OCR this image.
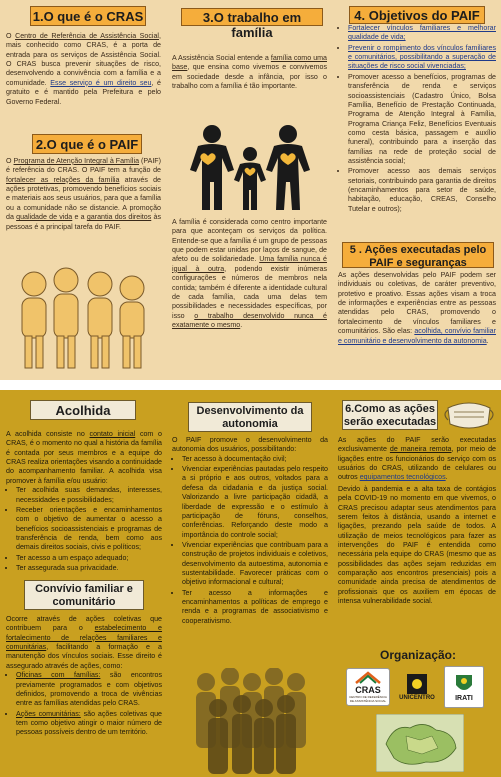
1.O que é o CRAS

O Centro de Referência de Assistência Social, mais conhecido como CRAS, é a porta de entrada para os serviços de Assistência Social. O CRAS busca prevenir situações de risco, desenvolvendo a convivência com a família e a comunidade. Esse serviço é um direito seu, é gratuito e é mantido pela Prefeitura e pelo Governo Federal.

2.O que é o PAIF

O Programa de Atenção Integral à Família (PAIF) é referência do CRAS. O PAIF tem a função de fortalecer as relações da família através de ações protetivas, promovendo benefícios sociais e materiais aos seus usuários, para que a família ou a comunidade não se distancie. A promoção da qualidade de vida e a garantia dos direitos às pessoas é a principal tarefa do PAIF.

3.O trabalho em família

A Assistência Social entende a família como uma base, que ensina como vivemos e convivemos em sociedade desde a infância, por isso o trabalho com a família é tão importante.

A família é considerada como centro importante para que aconteçam os serviços da política. Entende-se que a família é um grupo de pessoas que podem estar unidas por laços de sangue, de afeto ou de solidariedade. Uma família nunca é igual à outra, podendo existir inúmeras configurações e números de membros nela contida; também é diferente a identidade cultural de cada família, cada uma delas tem possibilidades e necessidades específicas, por isso o trabalho desenvolvido nunca é exatamente o mesmo.

4. Objetivos do PAIF
• Fortalecer vínculos familiares e melhorar qualidade de vida;
• Prevenir o rompimento dos vínculos familiares e comunitários, possibilitando a superação de situações de risco social vivenciadas;
• Promover acesso a benefícios, programas de transferência de renda e serviços socioassistenciais (Cadastro Único, Bolsa Família, Benefício de Prestação Continuada, Programa de Atenção Integral à Família, Programa Criança Feliz, Benefícios Eventuais como cesta básica, passagem e auxílio funeral), contribuindo para a inserção das famílias na rede de proteção social de assistência social;
• Promover acesso aos demais serviços setoriais, contribuindo para garantia de direitos (encaminhamentos para setor de saúde, habitação, educação, CREAS, Conselho Tutelar e outros);
5 . Ações executadas pelo PAIF e seguranças

As ações desenvolvidas pelo PAIF podem ser individuais ou coletivas, de caráter preventivo, protetivo e proativo. Essas ações visam a troca de informações e experiências entre as pessoas atendidas pelo CRAS, promovendo o fortalecimento de vínculos familiares e comunitários. São elas: acolhida, convívio familiar e comunitário e desenvolvimento da autonomia.

Acolhida

A acolhida consiste no contato inicial com o CRAS, é o momento no qual a história da família é contada por seus membros e a equipe do CRAS realiza orientações visando a continuidade do acompanhamento familiar. A acolhida visa promover à família e/ou usuário:

• Ter acolhida suas demandas, interesses, necessidades e possibilidades;
• Receber orientações e encaminhamentos com o objetivo de aumentar o acesso a benefícios socioassistenciais e programas de transferência de renda, bem como aos demais direitos sociais, civis e políticos;
• Ter acesso a um espaço adequado;
• Ter assegurada sua privacidade.
Convívio familiar e comunitário

Ocorre através de ações coletivas que contribuem para o estabelecimento e fortalecimento de relações familiares e comunitárias, facilitando a formação e a manutenção dos vínculos sociais. Esse direito é assegurado através de ações, como:

• Oficinas com famílias: são encontros previamente programados e com objetivos definidos, promovendo a troca de vivências entre as famílias atendidas pelo CRAS.
• Ações comunitárias: são ações coletivas que tem como objetivo atingir o maior número de pessoas possíveis dentro de um território.
Desenvolvimento da autonomia

O PAIF promove o desenvolvimento da autonomia dos usuários, possibilitando:

• Ter acesso à documentação civil;
• Vivenciar experiências pautadas pelo respeito a si próprio e aos outros, voltados para a defesa da cidadania e da justiça social. Valorizando a livre participação cidadã, a liberdade de expressão e o estímulo à participação de fóruns, conselhos, conferências. Reforçando deste modo a importância do controle social;
• Vivenciar experiências que contribuam para a construção de projetos individuais e coletivos, desenvolvimento da autoestima, autonomia e sustentabilidade. Favorecer práticas com o objetivo informacional e cultural;
• Ter acesso a informações e encaminhamentos a políticas de emprego e renda e a programas de associativismo e cooperativismo.
6.Como as ações serão executadas

As ações do PAIF serão executadas exclusivamente de maneira remota, por meio de ligações entre os funcionários do serviço com os usuários do CRAS, utilizando de celulares ou outros equipamentos tecnológicos.

Devido à pandemia e a alta taxa de contágios pela COVID-19 no momento em que vivemos, o CRAS precisou adaptar seus atendimentos para serem feitos à distância, usando a internet e ligações, prezando pela saúde de todos. A utilização de meios tecnológicos para fazer as intervenções do PAIF é entendida como necessária pela equipe do CRAS (mesmo que as possibilidades das ações sejam reduzidas em comparação aos encontros presenciais) pois a comunidade ainda precisa de atendimentos de profissionais que os auxiliem em épocas de intensa vulnerabilidade social.

Organização:
CRAS
CENTRO DE REFERÊNCIA DE ASSISTÊNCIA SOCIAL	UNICENTRO	IRATI
